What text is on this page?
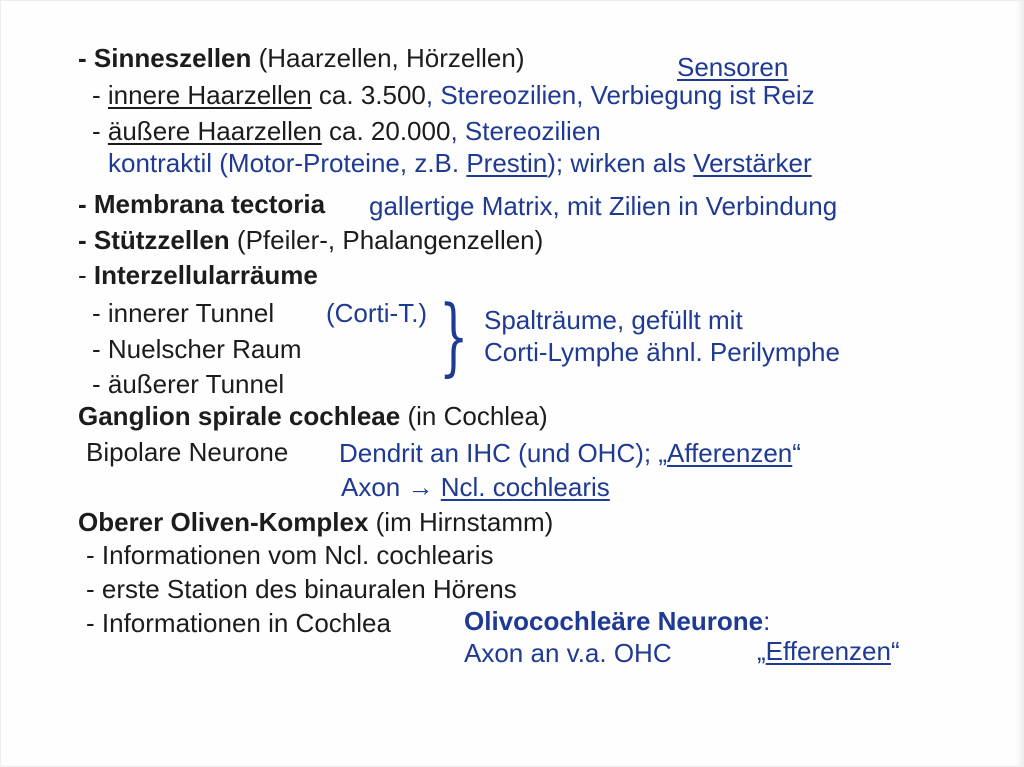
- Sinneszellen (Haarzellen, Hörzellen)	Sensoren
- innere Haarzellen ca. 3.500, Stereozilien, Verbiegung ist Reiz
- äußere Haarzellen ca. 20.000, Stereozilien
kontraktil (Motor-Proteine, z.B. Prestin); wirken als Verstärker
- Membrana tectoria gallertige Matrix, mit Zilien in Verbindung
- Stützzellen (Pfeiler-, Phalangenzellen)
- Interzellularräume
- innerer Tunnel (Corti-T.)
- Nuelscher Raum
- äußerer Tunnel } Spalträume, gefüllt mit
Corti-Lymphe ähnl. Perilymphe
Ganglion spirale cochleae (in Cochlea)
Bipolare Neurone Dendrit an IHC (und OHC); „Afferenzen“
Axon → Ncl. cochlearis
Oberer Oliven-Komplex (im Hirnstamm)
- Informationen vom Ncl. cochlearis
- erste Station des binauralen Hörens
- Informationen in Cochlea	Olivocochleäre Neurone:
Axon an v.a. OHC	„Efferenzen“
